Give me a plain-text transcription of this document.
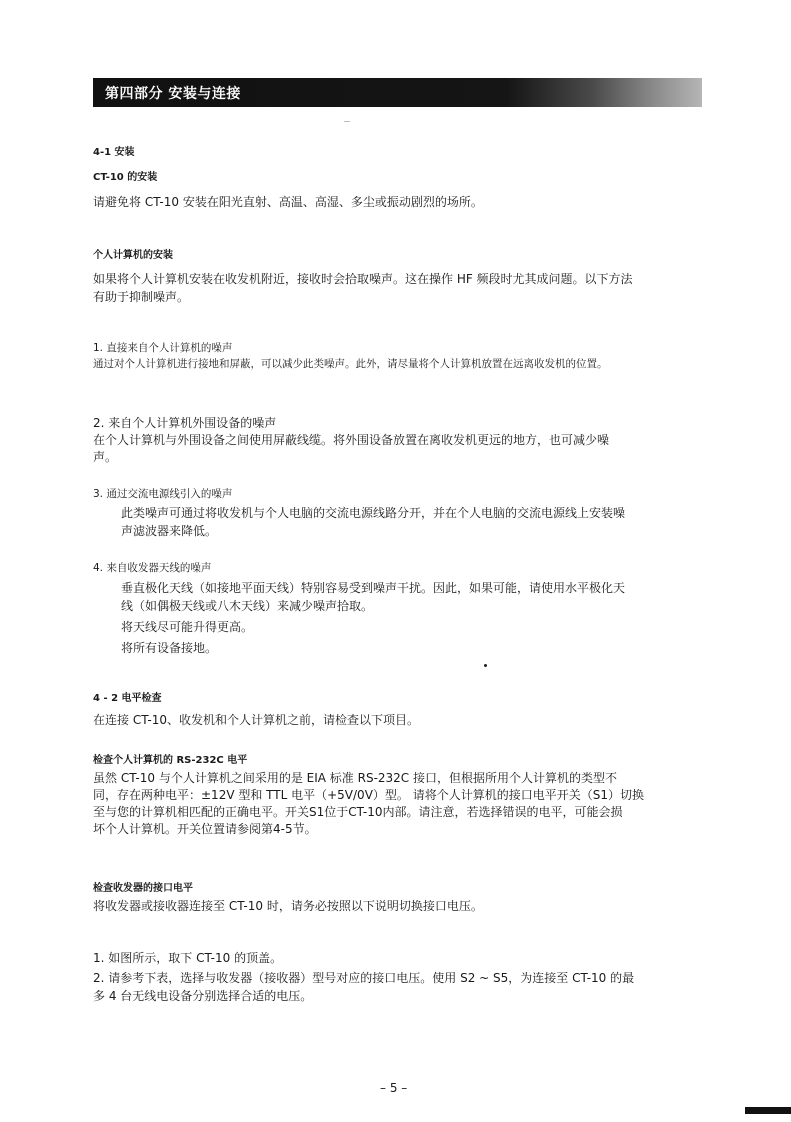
第四部分 安装与连接
4-1 安装
CT-10 的安装
请避免将 CT-10 安装在阳光直射、高温、高湿、多尘或振动剧烈的场所。
个人计算机的安装
如果将个人计算机安装在收发机附近，接收时会拾取噪声。这在操作 HF 频段时尤其成问题。以下方法
有助于抑制噪声。
1. 直接来自个人计算机的噪声
通过对个人计算机进行接地和屏蔽，可以减少此类噪声。此外，请尽量将个人计算机放置在远离收发机的位置。
2. 来自个人计算机外围设备的噪声
在个人计算机与外围设备之间使用屏蔽线缆。将外围设备放置在离收发机更远的地方，也可减少噪
声。
3. 通过交流电源线引入的噪声
此类噪声可通过将收发机与个人电脑的交流电源线路分开，并在个人电脑的交流电源线上安装噪
声滤波器来降低。
4. 来自收发器天线的噪声
垂直极化天线（如接地平面天线）特别容易受到噪声干扰。因此，如果可能，请使用水平极化天
线（如偶极天线或八木天线）来减少噪声拾取。
将天线尽可能升得更高。
将所有设备接地。
4 - 2 电平检查
在连接 CT-10、收发机和个人计算机之前，请检查以下项目。
检查个人计算机的 RS-232C 电平
虽然 CT-10 与个人计算机之间采用的是 EIA 标准 RS-232C 接口，但根据所用个人计算机的类型不
同，存在两种电平：±12V 型和 TTL 电平（+5V/0V）型。 请将个人计算机的接口电平开关（S1）切换
至与您的计算机相匹配的正确电平。开关S1位于CT-10内部。请注意，若选择错误的电平，可能会损
坏个人计算机。开关位置请参阅第4-5节。
检查收发器的接口电平
将收发器或接收器连接至 CT-10 时，请务必按照以下说明切换接口电压。
1. 如图所示，取下 CT-10 的顶盖。
2. 请参考下表，选择与收发器（接收器）型号对应的接口电压。使用 S2 ~ S5，为连接至 CT-10 的最
多 4 台无线电设备分别选择合适的电压。
– 5 –
